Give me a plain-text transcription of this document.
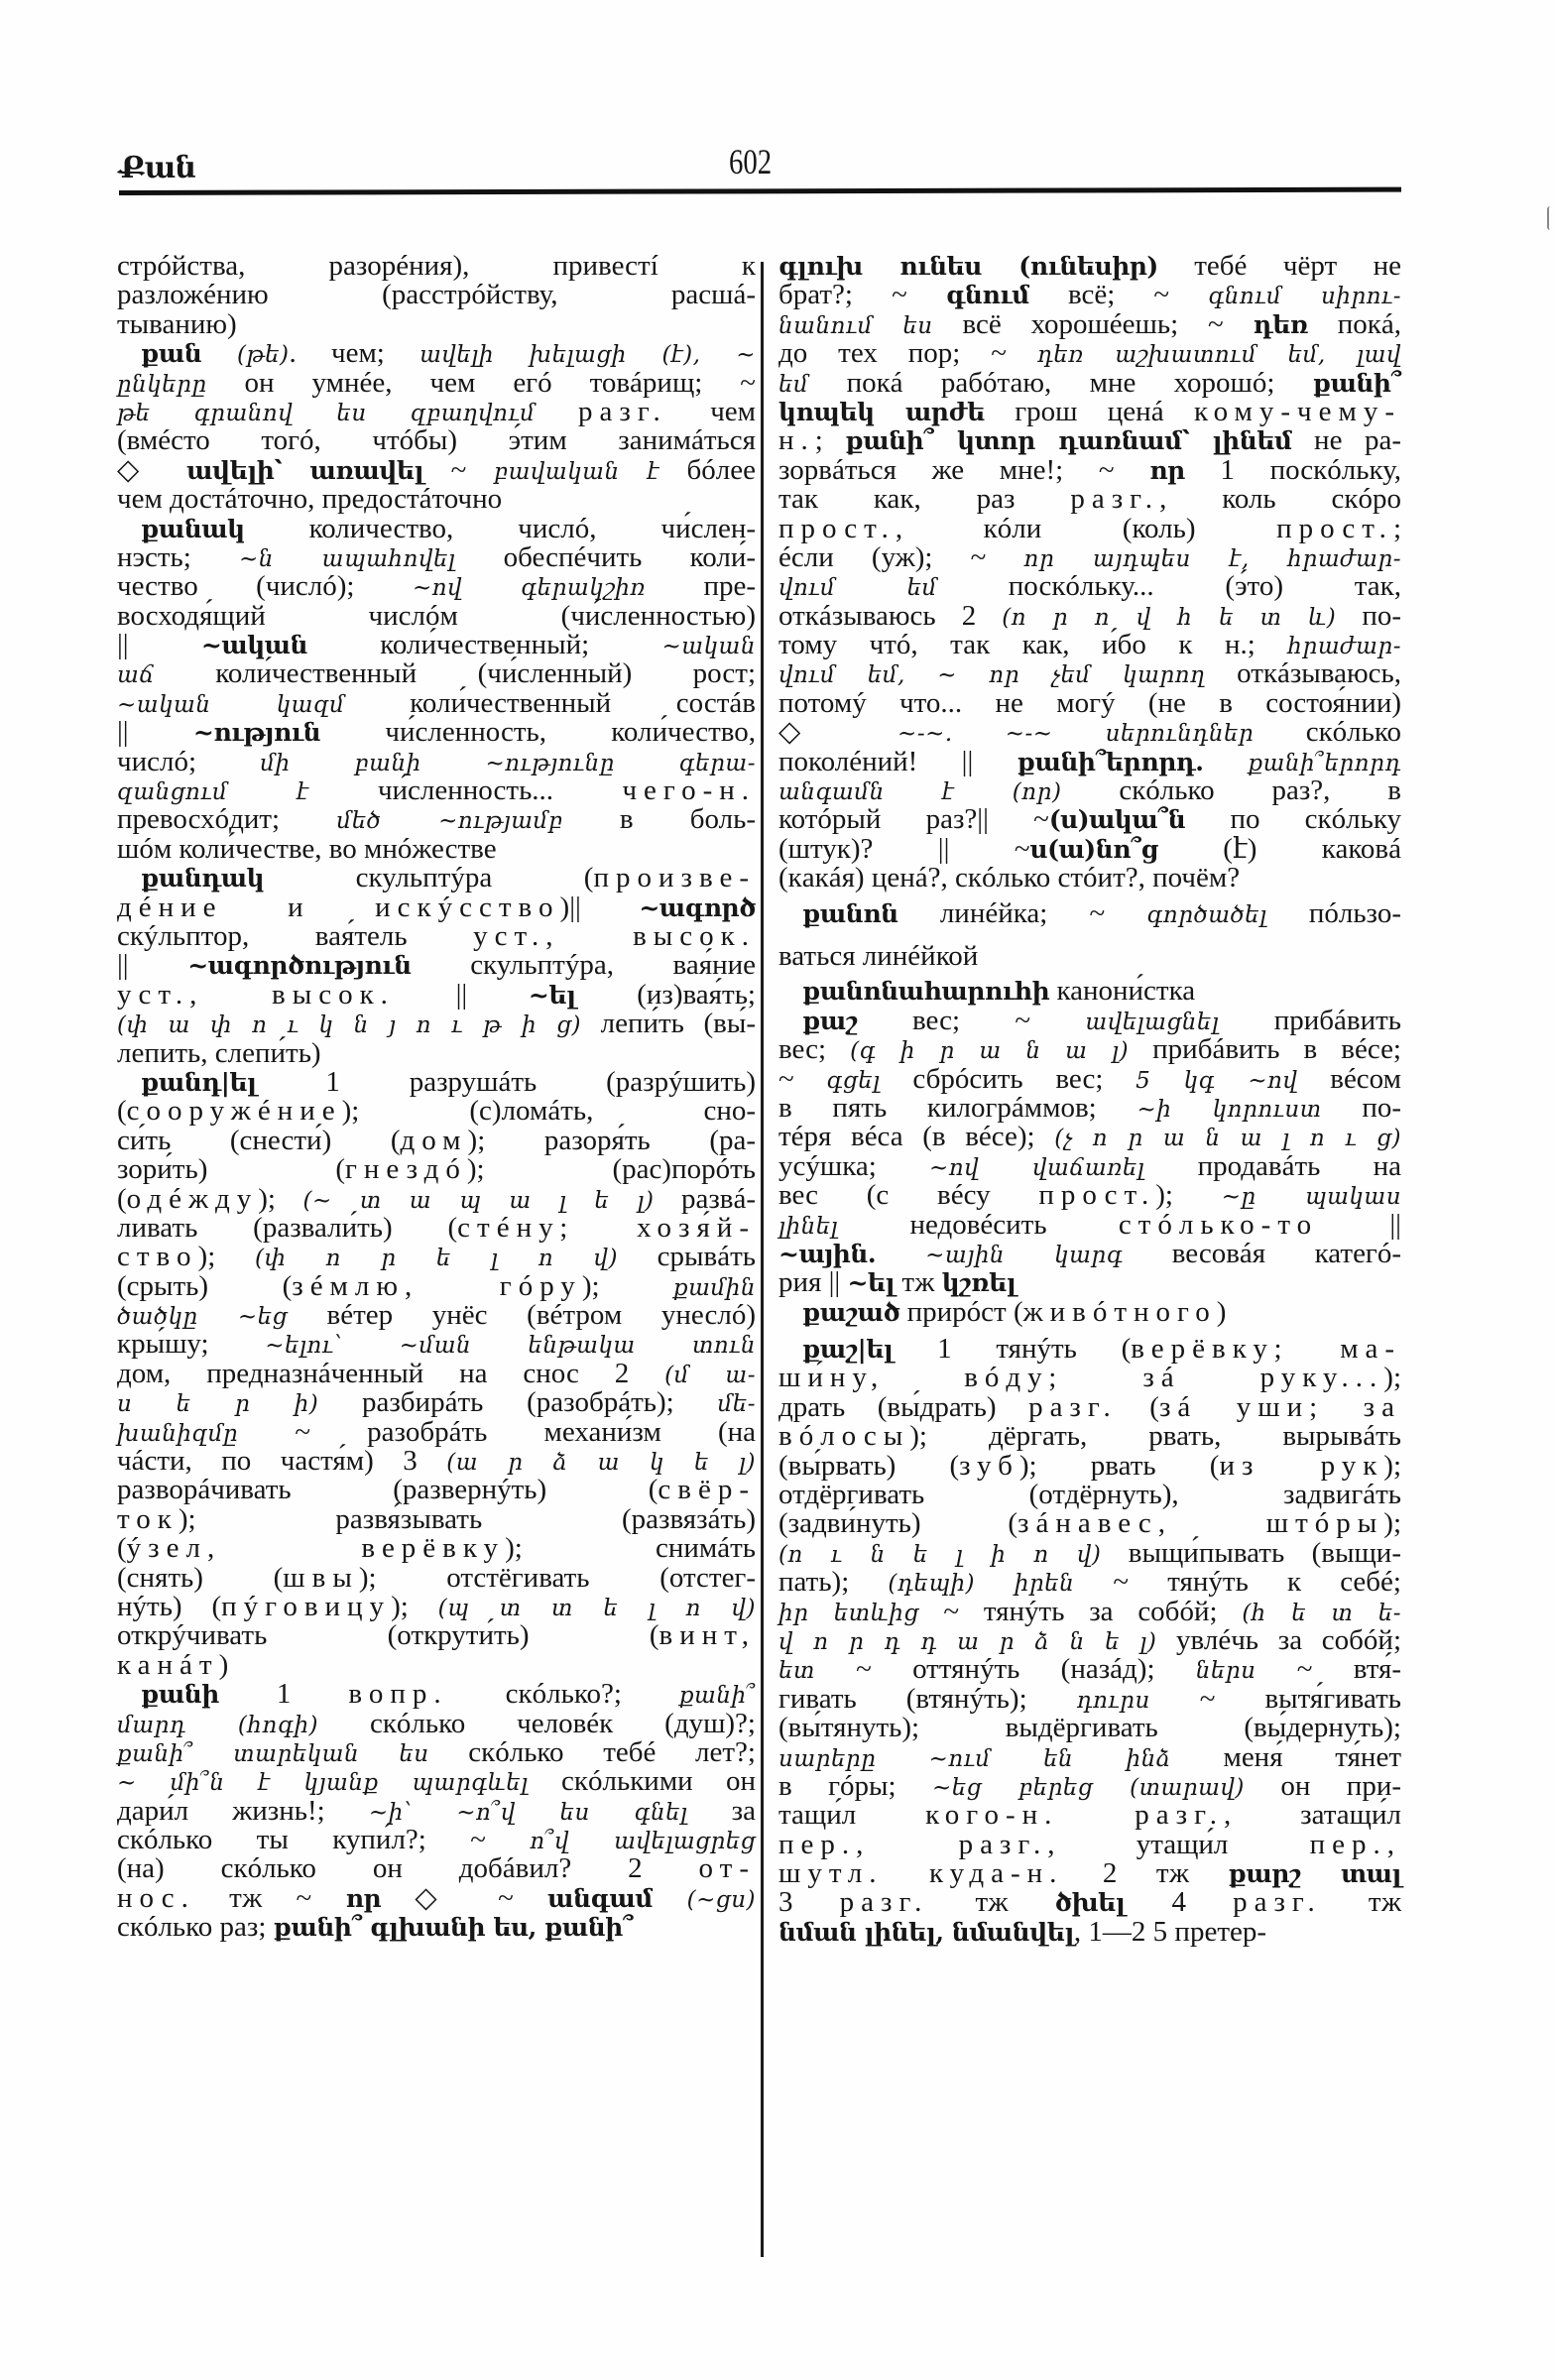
Քան	602
стрóйства, разорéния), привестí к
разложéнию (расстрóйству, расшá-
тыванию)
քան (թե). чем; ավելի խելացի (է), ~
ընկերը он умнée, чем егó товáрищ; ~
թե գրանով ես զբաղվում разг. чем
(вмéсто тогó, чтóбы) э́тим занимáться
◇ ավելի՝ առավել ~ բավական է бóлее
чем достáточно, предостáточно
քանակ количество, числó, чи́слен-
нэсть; ~ն ապահովել обеспéчить коли́-
чество (числó); ~ով գերակշիռ пре-
восходя́щий числóм (чи́сленностью)
|| ~ական коли́чественный; ~ական
աճ коли́чественный (чи́сленный) рост;
~ական կազմ коли́чественный состáв
|| ~ություն чи́сленность, коли́чество,
числó; մի բանի ~ությունը գերա-
զանցում է чи́сленность... чего-н.
превосхóдит; մեծ ~ությամբ в боль-
шóм коли́честве, во мнóжестве
քանդակ скульптýра (произве-
дéние и искýсство)|| ~ագործ
скýльптор, вая́тель уст., высок.
|| ~ագործություն скульптýра, вая́ние
уст., высок. || ~ել (из)вая́ть;
(փ ա փ ո ւ կ ն յ ո ւ թ ի ց) лепи́ть (вы́-
лепить, слепи́ть)
քանդ|ել 1 разрушáть (разрýшить)
(сооружéние); (с)ломáть, сно-
си́ть (снести́) (дом); разоря́ть (ра-
зори́ть) (гнездó); (рас)порóть
(одéжду); (~ տ ա պ ա լ ե լ) развá-
ливать (развали́ть) (стéну; хозя́й-
ство); (փ ո ր ե լ ո վ) срывáть
(срыть) (зéмлю, гóру); քամին
ծածկը ~եց вéтер унёс (вéтром унеслó)
кры́шу; ~ելու՝ ~ման ենթակա տուն
дом, предназнáченный на снос 2 (մ ա-
ս ե ր ի) разбирáть (разобрáть); մե-
խանիզմը ~ разобрáть механи́зм (на
чáсти, по частя́м) 3 (ա ր ձ ա կ ե լ)
разворáчивать (развернýть) (свёр-
ток); развя́зывать (развязáть)
(ýзел, верёвку); снимáть
(снять) (швы); отстёгивать (отстег-
нýть) (пýговицу); (պ տ տ ե լ ո վ)
открýчивать (открути́ть) (винт,
канáт)
քանի 1 вопр. скóлько?; քանի՞
մարդ (հոգի) скóлько человéк (душ)?;
քանի՞ տարեկան ես скóлько тебé лет?;
~ մի՞ն է կյանք պարգևել скóлькими он
дари́л жизнь!; ~ի՝ ~ո՞վ ես գնել за
скóлько ты купи́л?; ~ ո՞վ ավելացրեց
(на) скóлько он добáвил? 2 от-
нос. тж ~ որ ◇ ~ անգամ (~ցս)
скóлько раз; քանի՞ գլխանի ես, քանի՞
գլուխ ունես (ունեսիր) тебé чёрт не
брат?; ~ գնում всё; ~ գնում սիրու-
նանում ես всё хорошéешь; ~ դեռ покá,
до тех пор; ~ դեռ աշխատում եմ, լավ
եմ покá рабóтаю, мне хорошó; քանի՞
կոպեկ արժե грош ценá кому-чему-
н.; քանի՞ կտոր դառնամ՝ լինեմ не ра-
зорвáться же мне!; ~ որ 1 поскóльку,
так как, раз разг., коль скóро
прост., кóли (коль) прост.;
éсли (уж); ~ որ այդպես է, հրաժար-
վում եմ поскóльку... (э́то) так,
откáзываюсь 2 (ո ր ո վ հ ե տ և) по-
тому чтó, так как, и́бо к н.; հրաժար-
վում եմ, ~ որ չեմ կարող откáзываюсь,
потомý что... не могý (не в состоя́нии)
◇ ~-~. ~-~ սերունդներ скóлько
поколéний! || քանի՞երորդ. քանի՞երորդ
անգամն է (որ) скóлько раз?, в
котóрый раз?|| ~(ս)ակա՞ն по скóльку
(штук)? || ~ս(ա)նո՞ց (է) каковá
(кaкáя) ценá?, скóлько стóит?, почём?
քանոն линéйка; ~ գործածել пóльзо-
ваться линéйкой
քանոնահարուհի канони́стка
քաշ вес; ~ ավելացնել прибáвить
вес; (գ ի ր ա ն ա լ) прибáвить в вéсе;
~ գցել сбрóсить вес; 5 կգ ~ով вéсом
в пять килогрáммов; ~ի կորուստ по-
тéря вéса (в вéсе); (չ ո ր ա ն ա լ ո ւ ց)
усýшка; ~ով վաճառել продавáть на
вес (с вéсу прост.); ~ը պակաս
լինել недовéсить стóлько-то ||
~ային. ~ային կարգ весовáя категó-
рия || ~ել тж կշռել
քաշած прирóст (живóтного)
քաշ|ել 1 тянýть (верёвку; ма-
ши́ну, вóду; зá руку...);
драть (вы́драть) разг. (зá уши; за
вóлосы); дёргать, рвать, вырывáть
(вы́рвать) (зуб); рвать (из рук);
отдёргивать (отдёрнуть), задвигáть
(задви́нуть) (зáнавес, штóры);
(ո ւ ն ե լ ի ո վ) выщи́пывать (выщи-
пать); (դեպի) իրեն ~ тянýть к себé;
իր ետևից ~ тянýть за собóй; (հ ե տ ե-
վ ո ր դ դ ա ր ձ ն ե լ) увлéчь за собóй;
ետ ~ оттянýть (назáд); ներս ~ втя́-
гивать (втянýть); դուրս ~ вытя́гивать
(вы́тянуть); выдёргивать (вы́дернуть);
սարերը ~ում են ինձ меня́ тя́нет
в гóры; ~եց բերեց (տարավ) он при-
тащи́л кого-н. разг., затащи́л
пер., разг., утащи́л пер.,
шутл. куда-н. 2 тж քարշ տալ
3 разг. тж ծխել 4 разг. тж
նման լինել, նմանվել, 1—2 5 претер-
